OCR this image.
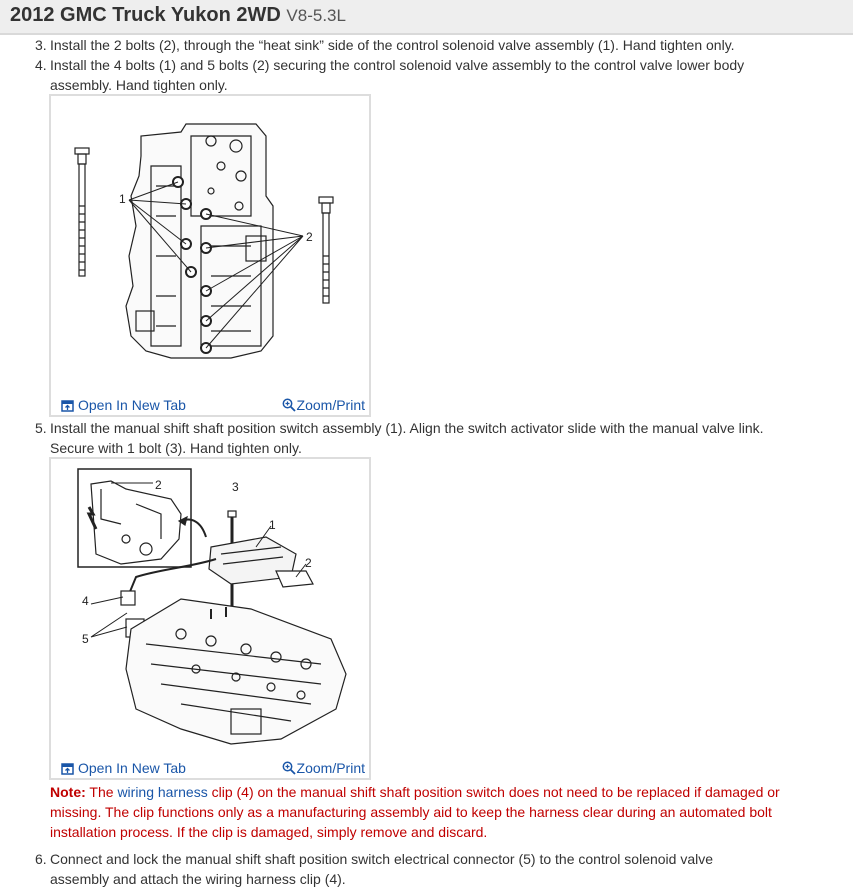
2012 GMC Truck Yukon 2WD V8-5.3L
3. Install the 2 bolts (2), through the “heat sink” side of the control solenoid valve assembly (1). Hand tighten only.
4. Install the 4 bolts (1) and 5 bolts (2) securing the control solenoid valve assembly to the control valve lower body assembly. Hand tighten only.
1
2
Open In New Tab	Zoom/Print
5. Install the manual shift shaft position switch assembly (1). Align the switch activator slide with the manual valve link. Secure with 1 bolt (3). Hand tighten only.
2	3
1
2
4
5
Open In New Tab	Zoom/Print
Note: The wiring harness clip (4) on the manual shift shaft position switch does not need to be replaced if damaged or missing. The clip functions only as a manufacturing assembly aid to keep the harness clear during an automated bolt installation process. If the clip is damaged, simply remove and discard.
6. Connect and lock the manual shift shaft position switch electrical connector (5) to the control solenoid valve assembly and attach the wiring harness clip (4).
